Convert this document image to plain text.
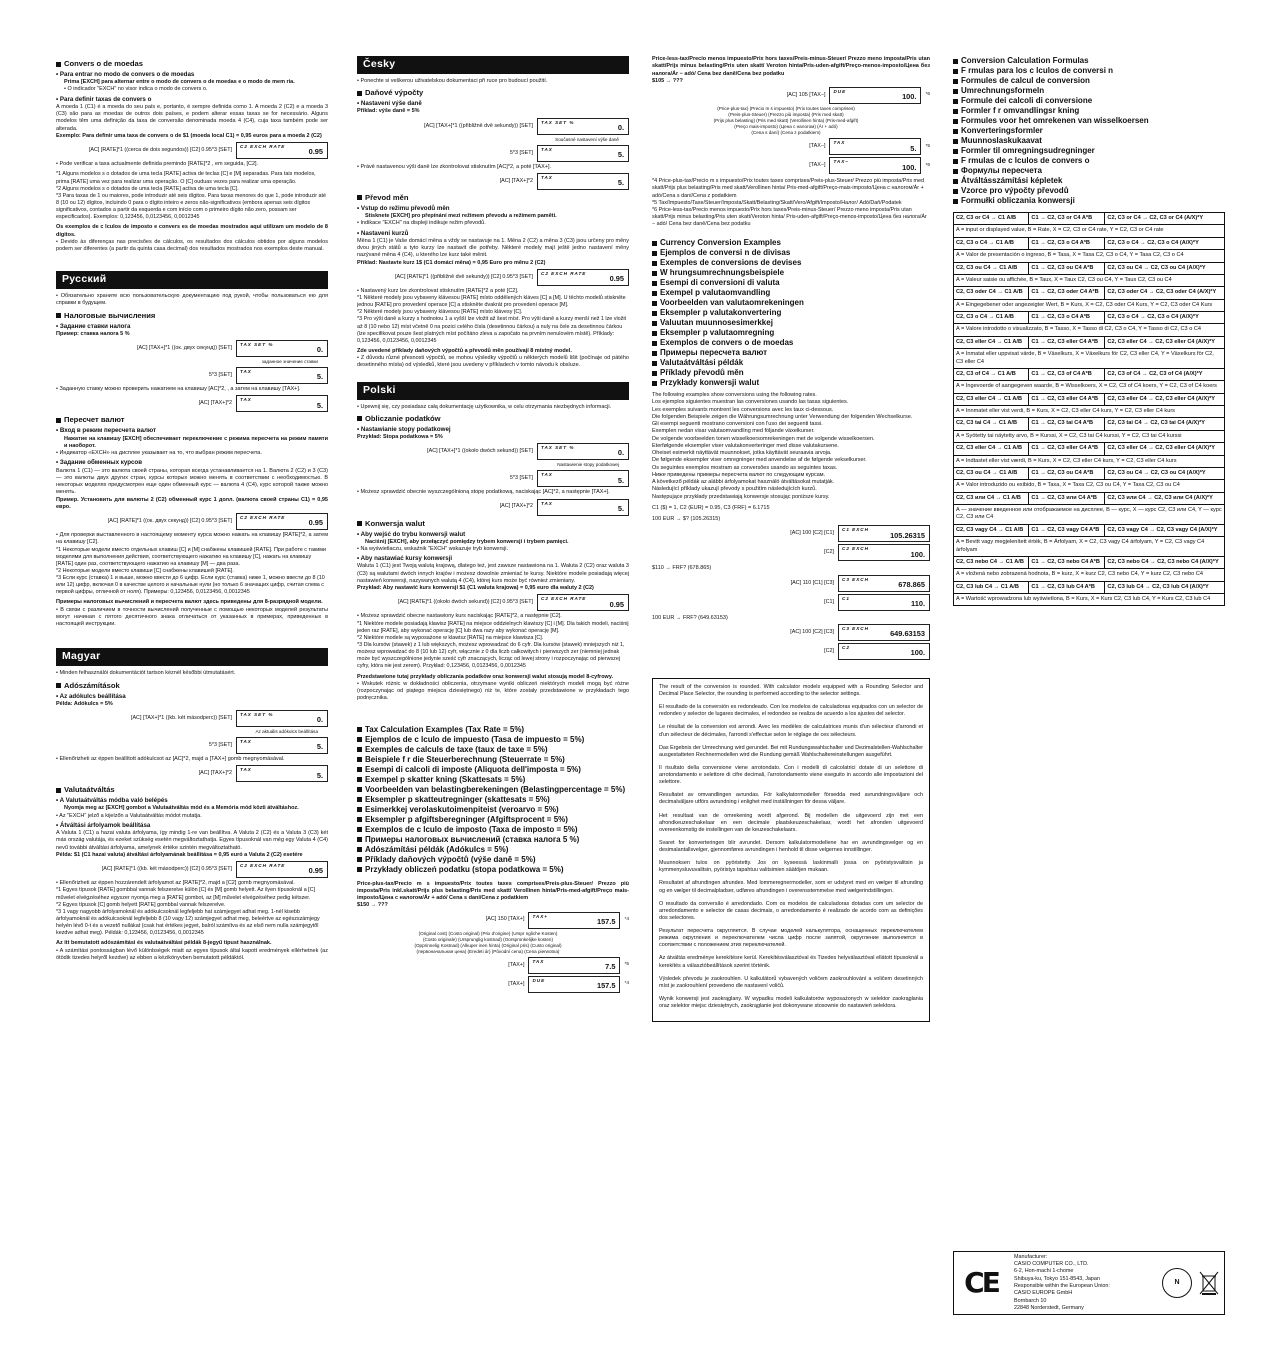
Convers o de moedas
• Para entrar no modo de convers o de moedas
Prima [EXCH] para alternar entre o modo de convers o de moedas e o modo de mem ria.
• O indicador "EXCH" no visor indica o modo de convers o.
• Para definir taxas de convers o
A moeda 1 (C1) é a moeda do seu país e, portanto, é sempre definida como 1. A moeda 2 (C2) e a moeda 3 (C3) são para as moedas de outros dois países, e podem alterar essas taxas se for necessário. Alguns modelos têm uma definição da taxa de conversão denominada moeda 4 (C4), cuja taxa também pode ser alterada.
Exemplo: Para definir uma taxa de convers o de $1 (moeda local C1) = 0,95 euros para a moeda 2 (C2)
[AC] [RATE]*1 ((cerca de dois segundos)) [C2] 0.95*3 [SET]
C2 EXCH RATE
0.95
• Pode verificar a taxa actualmente definida premindo [RATE]*2 , em seguida, [C2].
*1 Alguns modelos s o dotados de uma tecla [RATE] activa de teclas [C] e [M] separadas. Para tais modelos, prima [RATE] uma vez para realizar uma operação. O [C] ouduas vezes para realizar uma operação.
*2 Alguns modelos s o dotados de uma tecla [RATE] activa de uma tecla [C].
*3 Para taxas de 1 ou maiores, pode introduzir até seis dígitos. Para taxas menores do que 1, pode introduzir até 8 (10 ou 12) dígitos, incluindo 0 para o dígito inteiro e zeros não-significativos (embora apenas seis dígitos significativos, contados a partir da esquerda e com início com o primeiro dígito não zero, possam ser especificados). Exemplos: 0,123456, 0,0123456, 0,0012345
Os exemplos de c lculos de imposto e convers es de moedas mostrados aqui utilizam um modelo de 8 dígitos.
• Devido às diferenças nas precisões de cálculos, os resultados dos cálculos obtidos por alguns modelos podem ser diferentes (a partir da quinta casa decimal) dos resultados mostrados nos exemplos deste manual.
Русский
• Обязательно храните всю пользовательскую документацию под рукой, чтобы пользоваться ею для справки в будущем.
Налоговые вычисления
• Задание ставки налога
Пример: ставка налога 5 %
[AC] [TAX+]*1 ((ок. двух секунд)) [SET]
TAX SET %
0.
заданное значение ставки
5*3 [SET]
TAX
5.
• Заданную ставку можно проверить нажатием на клавишу [AC]*2, , а затем на клавишу [TAX+].
[AC] [TAX+]*2
TAX
5.
Пересчет валют
• Вход в режим пересчета валют
Нажатие на клавишу [EXCH] обеспечивает переключение с режима пересчета на режим памяти и наоборот.
• Индикатор «EXCH» на дисплее указывает на то, что выбран режим пересчета.
• Задание обменных курсов
Валюта 1 (C1) — это валюта своей страны, которая всегда устанавливается на 1. Валюта 2 (C2) и 3 (C3) — это валюты двух других стран, курсы которых можно менять в соответствии с необходимостью. В некоторых моделях предусмотрен еще один обменный курс — валюта 4 (C4), курс которой также можно менять.
Пример. Установить для валюты 2 (C2) обменный курс 1 долл. (валюта своей страны C1) = 0,95 евро.
[AC] [RATE]*1 ((ок. двух секунд)) [C2] 0.95*3 [SET]
C2 EXCH RATE
0.95
• Для проверки выставленного в настоящему моменту курса можно нажать на клавишу [RATE]*2, а затем на клавишу [C2].
*1 Некоторые модели вместо отдельных клавиш [C] и [M] снабжены клавишей [RATE]. При работе с такими моделями для выполнения действия, соответствующего нажатию на клавишу [C], нажать на клавишу [RATE] один раз, соответствующего нажатию на клавишу [M] — два раза.
*2 Некоторые модели вместо клавиши [C] снабжены клавишей [RATE].
*3 Если курс (ставка) 1 и выше, можно ввести до 6 цифр. Если курс (ставка) ниже 1, можно ввести до 8 (10 или 12) цифр, включая 0 в качестве целого и начальные нули (но только 6 значащих цифр, считая слева с первой цифры, отличной от ноля). Примеры: 0,123456, 0,0123456, 0,0012345
Примеры налоговых вычислений и пересчета валют здесь приведены для 8-разрядной модели.
• В связи с различием в точности вычислений полученные с помощью некоторых моделей результаты могут начиная с пятого десятичного знака отличаться от указанных в примерах, приведенных в настоящей инструкции.
Magyar
• Minden felhasználói dokumentációt tartson kéznél későbbi útmutatásért.
Adószámítások
• Az adókulcs beállítása
Példa: Adókulcs = 5%
[AC] [TAX+]*1 ((kb. két másodperc)) [SET]
TAX SET %
0.
Az aktuális adókulcs beállítása
5*3 [SET]
TAX
5.
• Ellenőrizheti az éppen beállított adókulcsot az [AC]*2, majd a [TAX+] gomb megnyomásával.
[AC] [TAX+]*2
TAX
5.
Valutaátváltás
• A Valutaátváltás módba való belépés
Nyomja meg az [EXCH] gombot a Valutaátváltás mód és a Memória mód közti átváltáshoz.
• Az "EXCH" jelző a kijelzőn a Valutaátváltás módot mutatja.
• Átváltási árfolyamok beállítása
A Valuta 1 (C1) a hazai valuta árfolyama, így mindig 1-re van beállítva. A Valuta 2 (C2) és a Valuta 3 (C3) két más ország valutája, és ezeket szükség esetén megváltoztathatja. Egyes típusoknál van még egy Valuta 4 (C4) nevű további átváltási árfolyama, amelynek értéke szintén megváltoztatható.
Példa: $1 (C1 hazai valuta) átváltási árfolyamának beállítása = 0,95 euró a Valuta 2 (C2) esetére
[AC] [RATE]*1 ((kb. két másodperc)) [C2] 0.95*3 [SET]
C2 EXCH RATE
0.95
• Ellenőrizheti az éppen hozzárendelt árfolyamot az [RATE]*2, majd a [C2] gomb megnyomásával.
*1 Egyes típusok [RATE] gombbal vannak felszerelve külön [C] és [M] gomb helyett. Az ilyen típusoknál a [C] művelet elvégzéséhez egyszer nyomja meg a [RATE] gombot, az [M] művelet elvégzéséhez pedig kétszer.
*2 Egyes típusok [C] gomb helyett [RATE] gombbal vannak felszerelve.
*3 1 vagy nagyobb árfolyamoknál és adókulcsoknál legfeljebb hat számjegyet adhat meg. 1-nél kisebb árfolyamoknál és adókulcsoknál legfeljebb 8 (10 vagy 12) számjegyet adhat meg, beleértve az egészszámjegy helyén lévő 0-t és a vezető nullákat (csak hat értékes jegyet, balról számítva és az első nem nulla számjegytől kezdve adhat meg). Példák: 0,123456, 0,0123456, 0,0012345
Az itt bemutatott adószámítási és valutaátváltási példák 8-jegyű típust használnak.
• A számítási pontosságban lévő különbségek miatt az egyes típusok által kapott eredmények ellérhetnek (az ötödik tizedes helyről kezdve) az ebben a kézikönyvben bemutatott példáktól.
Česky
• Ponechte si veškerou uživatelskou dokumentaci při ruce pro budoucí použití.
Daňové výpočty
• Nastavení výše daně
Příklad: výše daně = 5%
[AC] [TAX+]*1 ((přibližně dvě sekundy)) [SET]
TAX SET %
0.
Současné nastavení výše daně
5*3 [SET]
TAX
5.
• Právě nastavenou výši daně lze zkontrolovat stisknutím [AC]*2, a poté [TAX+].
[AC] [TAX+]*2
TAX
5.
Převod měn
• Vstup do režimu převodů měn
Stisknete [EXCH] pro přepínání mezi režimem převodu a režimem paměti.
• Indikace "EXCH" na displeji indikuje režim převodů.
• Nastavení kurzů
Měna 1 (C1) je Vaše domácí měna a vždy se nastavuje na 1. Měna 2 (C2) a měna 3 (C3) jsou určeny pro měny dvou jiných států a tyto kurzy lze nastavit dle potřeby. Některé modely mají ještě jedno nastavení měny nazývané měna 4 (C4), u kterého lze kurz také měnit.
Příklad: Nastavte kurz 1$ (C1 domácí měna) = 0,95 Euro pro měnu 2 (C2)
[AC] [RATE]*1 ((přibližně dvě sekundy)) [C2] 0.95*3 [SET]
C2 EXCH RATE
0.95
• Nastavený kurz lze zkontrolovat stisknutím [RATE]*2 a poté [C2].
*1 Některé modely jsou vybaveny klávesou [RATE] místo oddělených kláves [C] a [M]. U těchto modelů stiskněte jednou [RATE] pro provedení operace [C] a stiskněte dvakrát pro provedení operace [M].
*2 Některé modely jsou vybaveny klávesou [RATE] místo klávesy [C].
*3 Pro výši daně a kurzy s hodnotou 1 a vyšší lze vložit až šest míst. Pro výši daně a kurzy menší než 1 lze vložit až 8 (10 nebo 12) míst včetně 0 na pozici celého čísla (desetinnou čárkou) a nuly na čele za desetinnou čárkou (lze specifikovat pouze šest platných míst počítáno zleva a započato na prvním nenulovém místě). Příklady: 0,123456, 0,0123456, 0,0012345
Zde uvedené příklady daňových výpočtů a převodů měn používají 8 místný model.
• Z důvodu různé přesnosti výpočtů, se mohou výsledky výpočtů u některých modelů lišit (počínaje od pátého desetinného místa) od výsledků, které jsou uvedeny v příkladech v tomto návodu k obsluze.
Polski
• Upewnij się, czy posiadasz całą dokumentację użytkownika, w celu otrzymania niezbędnych informacji.
Obliczanie podatków
• Nastawianie stopy podatkowej
Przykład: Stopa podatkowa = 5%
[AC] [TAX+]*1 ((około dwóch sekund)) [SET]
TAX SET %
0.
Nastawienie stopy podatkowej
5*3 [SET]
TAX
5.
• Możesz sprawdzić obecnie wyszczególnioną stopę podatkową, naciskając [AC]*2, a następnie [TAX+].
[AC] [TAX+]*2
TAX
5.
Konwersja walut
• Aby wejść do trybu konwersji walut
Naciśnij [EXCH], aby przełączyć pomiędzy trybem konwersji i trybem pamięci.
• Na wyświetlaczu, wskaźnik "EXCH" wskazuje tryb konwersji.
• Aby nastawiać kursy konwersji
Waluta 1 (C1) jest Twoją walutą krajową, dlatego też, jest zawsze nastawiona na 1. Waluta 2 (C2) oraz waluta 3 (C3) są walutami dwóch innych krajów i możesz dowolnie zmieniać te kursy. Niektóre modele posiadają więcej nastawień konwersji, nazywanych walutą 4 (C4), której kurs może być również zmieniany.
Przykład: Aby nastawić kurs konwersji $1 (C1 waluta krajowa) = 0,95 euro dla waluty 2 (C2)
[AC] [RATE]*1 ((około dwóch sekund)) [C2] 0.95*3 [SET]
C2 EXCH RATE
0.95
• Możesz sprawdzić obecne nastawiony kurs naciskając [RATE]*2, a następnie [C2].
*1 Niektóre modele posiadają klawisz [RATE] na miejsce oddzielnych klawiszy [C] i [M]. Dla takich modeli, naciśnij jeden raz [RATE], aby wykonać operację [C] lub dwa razy aby wykonać operację [M].
*2 Niektóre modele są wyposażone w klawisz [RATE] na miejsce klawisza [C].
*3 Dla kursów (stawek) z 1 lub większych, możesz wprowadzać do 6 cyfr. Dla kursów (stawek) mniejszych niż 1, możesz wprowadzać do 8 (10 lub 12) cyfr, włącznie z 0 dla liczb całkowitych i pierwszych zer (niemniej jednak może być wyszczególnione jedynie sześć cyfr znaczących, licząc od lewej strony i rozpoczynając od pierwszej cyfry, która nie jest zerem). Przykład: 0,123456, 0,0123456, 0,0012345
Przedstawione tutaj przykłady obliczania podatków oraz konwersji walut stosują model 8-cyfrowy.
• Wskutek różnic w dokładności obliczenia, otrzymane wyniki obliczeń niektórych modeli mogą być różne (rozpoczynając od piątego miejsca dziesiętnego) niż te, które zostały przedstawione w przykładach tego podręcznika.
Tax Calculation Examples (Tax Rate = 5%)
Ejemplos de c lculo de impuesto (Tasa de impuesto = 5%)
Exemples de calculs de taxe (taux de taxe = 5%)
Beispiele f r die Steuerberechnung (Steuerrate = 5%)
Esempi di calcoli di imposte (Aliquota dell'imposta = 5%)
Exempel p skatter kning (Skattesats = 5%)
Voorbeelden van belastingberekeningen (Belastingpercentage = 5%)
Eksempler p skatteutregninger (skattesats = 5%)
Esimerkkej verolaskutoimenpiteist (veroarvo = 5%)
Eksempler p afgiftsberegninger (Afgiftsprocent = 5%)
Exemplos de c lculo de imposto (Taxa de imposto = 5%)
Примеры налоговых вычислений (ставка налога 5 %)
Adószámítási példák (Adókulcs = 5%)
Příklady daňových výpočtů (výše daně = 5%)
Przykłady obliczeń podatku (stopa podatkowa = 5%)
Price-plus-tax/Precio m s impuesto/Prix toutes taxes comprises/Preis-plus-Steuer/ Prezzo più imposta/Pris inkl.skatt/Prijs plus belasting/Pris med skatt/ Verollinen hinta/Pris-med-afgift/Preço mais-imposto/Цена с налогом/Ár + adó/ Cena s daní/Cena z podatkiem
$150 → ???
[AC] 150 [TAX+]
TAX+
157.5 *4
(Original cost) (Costo original) (Prix d'origine) (Urspr ngliche Kosten)
(Costo originale) (Ursprunglig kostnad) (Oorspronkelijke kosten)
(Opprinnelig Kostnad) (Alkuper inen hinta) (Original pris) (Custo original)
(первоначальная цена) (Eredeti ár) (Původní cena) (Cena pierwotna)
[TAX+]
TAX
7.5 *5
[TAX+]
DUE
157.5 *4
Price-less-tax/Precio menos impuesto/Prix hors taxes/Preis-minus-Steuer/ Prezzo meno imposta/Pris utan skatt/Prijs minus belasting/Pris uten skatt/ Veroton hinta/Pris-uden-afgift/Preço-menos-imposto/Цена без налога/Ár − adó/ Cena bez daně/Cena bez podatku
$105 → ???
[AC] 105 [TAX−]
DUE
100. *6
(Price-plus-tax) (Precio m s impuesto) (Prix toutes taxes comprises)
(Preis-plus-Steuer) (Prezzo più imposta) (Pris med skatt)
(Prijs plus belasting) (Pris med skatt) (Verollinen hinta) (Pris-med-afgift)
(Preço mais-imposto) (Цена с налогом) (Ár + adó)
(Cena s daní) (Cena z podatkiem)
[TAX−]
TAX
5. *5
[TAX−]
TAX−
100. *6
*4 Price-plus-tax/Precio m s impuesto/Prix toutes taxes comprises/Preis-plus-Steuer/ Prezzo più imposta/Pris med skatt/Prijs plus belasting/Pris med skatt/Verollinen hinta/ Pris-med-afgift/Preço-mais-imposto/Цена с налогом/Ár + adó/Cena s daní/Cena z podatkiem
*5 Tax/Impuesto/Taxe/Steuer/Imposta/Skatt/Belasting/Skatt/Vero/Afgift/Imposto/Налог/ Adó/Daň/Podatek
*6 Price-less-tax/Precio menos impuesto/Prix hors taxes/Preis-minus-Steuer/ Prezzo meno imposta/Pris utan skatt/Prijs minus belasting/Pris uten skatt/Veroton hinta/ Pris-uden-afgift/Preço-menos-imposto/Цена без налога/Ár − adó/ Cena bez daně/Cena bez podatku
Currency Conversion Examples
Ejemplos de conversi n de divisas
Exemples de conversions de devises
W hrungsumrechnungsbeispiele
Esempi di conversioni di valuta
Exempel p valutaomvandling
Voorbeelden van valutaomrekeningen
Eksempler p valutakonvertering
Valuutan muunnosesimerkkej
Eksempler p valutaomregning
Exemplos de convers o de moedas
Примеры пересчета валют
Valutaátváltási példák
Příklady převodů měn
Przykłady konwersji walut
The following examples show conversions using the following rates.
Los ejemplos siguientes muestran las conversiones usando las tasas siguientes.
Les exemples suivants montrent les conversions avec les taux ci-dessous.
Die folgenden Beispiele zeigen die Währungsumrechnung unter Verwendung der folgenden Wechselkurse.
Gli esempi seguenti mostrano conversioni con l'uso dei seguenti tassi.
Exemplen nedan visar valutaomvandling med följande växelkurser.
De volgende voorbeelden tonen wisselkoersomrekeningen met de volgende wisselkoersen.
Eterfølgende eksempler viser valutakonverteringer med disse valutakursene.
Oheiset esimerkit näyttävät muunnokset, jotka käyttävät seuraavia arvoja.
De følgende eksempler viser omregninger med anvendelse af de følgende vekselkurser.
Os seguintes exemplos mostram as conversões usando as seguintes taxas.
Ниже приведены примеры пересчета валют по следующим курсам.
A következő példák az alábbi árfolyamokat használó átváltásokat mutatják.
Následující příklady ukazují převody s použitím následujících kurzů.
Następujące przykłady przedstawiają konwersje stosując poniższe kursy.
C1 ($) = 1, C2 (EUR) = 0.95, C3 (FRF) = 6.1715
100 EUR → $? (105.26315)
[AC] 100 [C2] [C1]
C1 EXCH
105.26315
[C2]
C2 EXCH
100.
$110 → FRF? (678.865)
[AC] 110 [C1] [C3]
C3 EXCH
678.865
[C1]
C1
110.
100 EUR → FRF? (649.63153)
[AC] 100 [C2] [C3]
C3 EXCH
649.63153
[C2]
C2
100.

The result of the conversion is rounded. With calculator models equipped with a Rounding Selector and Decimal Place Selector, the rounding is performed according to the selector settings.

El resultado de la conversión es redondeado. Con los modelos de calculadoras equipados con un selector de redondeo y selector de lugares decimales, el redondeo se realiza de acuerdo a los ajustes del selector.

Le résultat de la conversion est arrondi. Avec les modèles de calculatrices munis d'un sélecteur d'arrondi et d'un sélecteur de décimales, l'arrondi s'effectue selon le réglage de ces sélecteurs.

Das Ergebnis der Umrechnung wird gerundet. Bei mit Rundungswahlschalter und Dezimalstellen-Wahlschalter ausgestatteten Rechnermodellen wird die Rundung gemäß Wahlschaltereinstellungen ausgeführt.

Il risultato della conversione viene arrotondato. Con i modelli di calcolatrici dotate di un selettore di arrotondamento e selettore di cifre decimali, l'arrotondamento viene eseguito in accordo alle impostazioni del selettore.

Resultatet av omvandlingen avrundas. För kalkylatormodeller försedda med avrundningsväljare och decimalväljare utförs avrundning i enlighet med inställningen för dessa väljare.

Het resultaat van de omrekening wordt afgerond. Bij modellen die uitgevoerd zijn met een afrondkeuzeschakelaar en een decimale plaatskeuzeschakelaar, wordt het afronden uitgevoerd overeenkomstig de instellingen van de keuzeschakelaars.

Svaret for konverteringen blir avrundet. Dersom kalkulatormodellene har en avrundingsvelger og en desimalantallsvelger, gjennomføres avrundingen i henhold til disse velgernes innstillinger.

Muunnoksen tulos on pyöristetty. Jos on kyseessä laskinmalli jossa on pyöristysvalitsin ja kymmenysluvuvalitsin, pyöristys tapahtuu valitsimien säätöjen mukaan.

Resultatet af afrundingen afrundes. Med lommeregnermodeller, som er udstyret med en vælger til afrunding og en vælger til decimalpladser, udføres afrundingen i overensstemmelse med vælgerindstillingen.

O resultado da conversão é arredondado. Com os modelos de calculadoras dotadas com um selector de arredondamento e selector de casas decimais, o arredondamento é realizado de acordo com as definições dos selectores.

Результат пересчета округляется. В случае моделей калькулятора, оснащенных переключателем режима округления и переключателем числа цифр после запятой, округление выполняется в соответствии с положением этих переключателей.

Az átváltás eredménye kerekítésre kerül. Kerekítésválasztóval és Tizedes helyválasztóval ellátott típusoknál a kerekítés a választóbeállítások szerint történik.

Výsledek převodu je zaokrouhlen. U kalkulátorů vybavených voličem zaokrouhlování a voličem desetinných míst je zaokrouhlení provedeno dle nastavení voličů.

Wynik konwersji jest zaokrąglany. W wypadku modeli kalkulatorów wyposażonych w selektor zaokrąglania oraz selektor miejsc dziesiętnych, zaokrąglanie jest dokonywane stosownie do nastawień selektora.

Conversion Calculation Formulas
F rmulas para los c lculos de conversi n
Formules de calcul de conversion
Umrechnungsformeln
Formule dei calcoli di conversione
Formler f r omvandlingsr kning
Formules voor het omrekenen van wisselkoersen
Konverteringsformler
Muunnoslaskukaavat
Formler til omregningsudregninger
F rmulas de c lculos de convers o
Формулы пересчета
Átváltásszámítási képletek
Vzorce pro výpočty převodů
Formułki obliczania konwersji
C2, C3 or C4 → C1 A/B	C1 → C2, C3 or C4 A*B	C2, C3 or C4 → C2, C3 or C4 (A/X)*Y
A = input or displayed value, B = Rate, X = C2, C3 or C4 rate, Y = C2, C3 or C4 rate		
C2, C3 o C4 → C1 A/B	C1 → C2, C3 o C4 A*B	C2, C3 o C4 → C2, C3 o C4 (A/X)*Y
A = Valor de presentación o ingreso, B = Tasa, X = Tasa C2, C3 o C4, Y = Tasa C2, C3 o C4		
C2, C3 ou C4 → C1 A/B	C1 → C2, C3 ou C4 A*B	C2, C3 ou C4 → C2, C3 ou C4 (A/X)*Y
A = Valeur saisie ou affichée, B = Taux, X = Taux C2, C3 ou C4, Y = Taux C2, C3 ou C4		
C2, C3 oder C4 → C1 A/B	C1 → C2, C3 oder C4 A*B	C2, C3 oder C4 → C2, C3 oder C4 (A/X)*Y
A = Eingegebener oder angezeigter Wert, B = Kurs, X = C2, C3 oder C4 Kurs, Y = C2, C3 oder C4 Kurs		
C2, C3 o C4 → C1 A/B	C1 → C2, C3 o C4 A*B	C2, C3 o C4 → C2, C3 o C4 (A/X)*Y
A = Valore introdotto o visualizzato, B = Tasso, X = Tasso di C2, C3 o C4, Y = Tasso di C2, C3 o C4		
C2, C3 eller C4 → C1 A/B	C1 → C2, C3 eller C4 A*B	C2, C3 eller C4 → C2, C3 eller C4 (A/X)*Y
A = Inmatat eller uppvisat värde, B = Växelkurs, X = Växelkurs för C2, C3 eller C4, Y = Växelkurs för C2, C3 eller C4		
C2, C3 of C4 → C1 A/B	C1 → C2, C3 of C4 A*B	C2, C3 of C4 → C2, C3 of C4 (A/X)*Y
A = Ingevoerde of aangegeven waarde, B = Wisselkoers, X = C2, C3 of C4 koers, Y = C2, C3 of C4 koers		
C2, C3 eller C4 → C1 A/B	C1 → C2, C3 eller C4 A*B	C2, C3 eller C4 → C2, C3 eller C4 (A/X)*Y
A = Innmatet eller vist verdi, B = Kurs, X = C2, C3 eller C4 kurs, Y = C2, C3 eller C4 kurs		
C2, C3 tai C4 → C1 A/B	C1 → C2, C3 tai C4 A*B	C2, C3 tai C4 → C2, C3 tai C4 (A/X)*Y
A = Syötetty tai näytetty arvo, B = Kurssi, X = C2, C3 tai C4 kurssi, Y = C2, C3 tai C4 kurssi		
C2, C3 eller C4 → C1 A/B	C1 → C2, C3 eller C4 A*B	C2, C3 eller C4 → C2, C3 eller C4 (A/X)*Y
A = Indtastet eller vist værdi, B = Kurs, X = C2, C3 eller C4 kurs, Y = C2, C3 eller C4 kurs		
C2, C3 ou C4 → C1 A/B	C1 → C2, C3 ou C4 A*B	C2, C3 ou C4 → C2, C3 ou C4 (A/X)*Y
A = Valor introduzido ou exibido, B = Taxa, X = Taxa C2, C3 ou C4, Y = Taxa C2, C3 ou C4		
C2, C3 или C4 → C1 A/B	C1 → C2, C3 или C4 A*B	C2, C3 или C4 → C2, C3 или C4 (A/X)*Y
A — значение введенное или отображаемое на дисплее, B — курс, X — курс C2, C3 или C4, Y — курс C2, C3 или C4		
C2, C3 vagy C4 → C1 A/B	C1 → C2, C3 vagy C4 A*B	C2, C3 vagy C4 → C2, C3 vagy C4 (A/X)*Y
A = Bevitt vagy megjelenített érték, B = Árfolyam, X = C2, C3 vagy C4 árfolyam, Y = C2, C3 vagy C4 árfolyam		
C2, C3 nebo C4 → C1 A/B	C1 → C2, C3 nebo C4 A*B	C2, C3 nebo C4 → C2, C3 nebo C4 (A/X)*Y
A = vložená nebo zobrazená hodnota, B = kurz, X = kurz C2, C3 nebo C4, Y = kurz C2, C3 nebo C4		
C2, C3 lub C4 → C1 A/B	C1 → C2, C3 lub C4 A*B	C2, C3 lub C4 → C2, C3 lub C4 (A/X)*Y
A = Wartość wprowadzona lub wyświetlona, B = Kurs, X = Kurs C2, C3 lub C4, Y = Kurs C2, C3 lub C4		
CE
Manufacturer:
CASIO COMPUTER CO., LTD.
6-2, Hon-machi 1-chome
Shibuya-ku, Tokyo 151-8543, Japan
Responsible within the European Union:
CASIO EUROPE GmbH
Bornbarch 10
22848 Norderstedt, Germany
N
